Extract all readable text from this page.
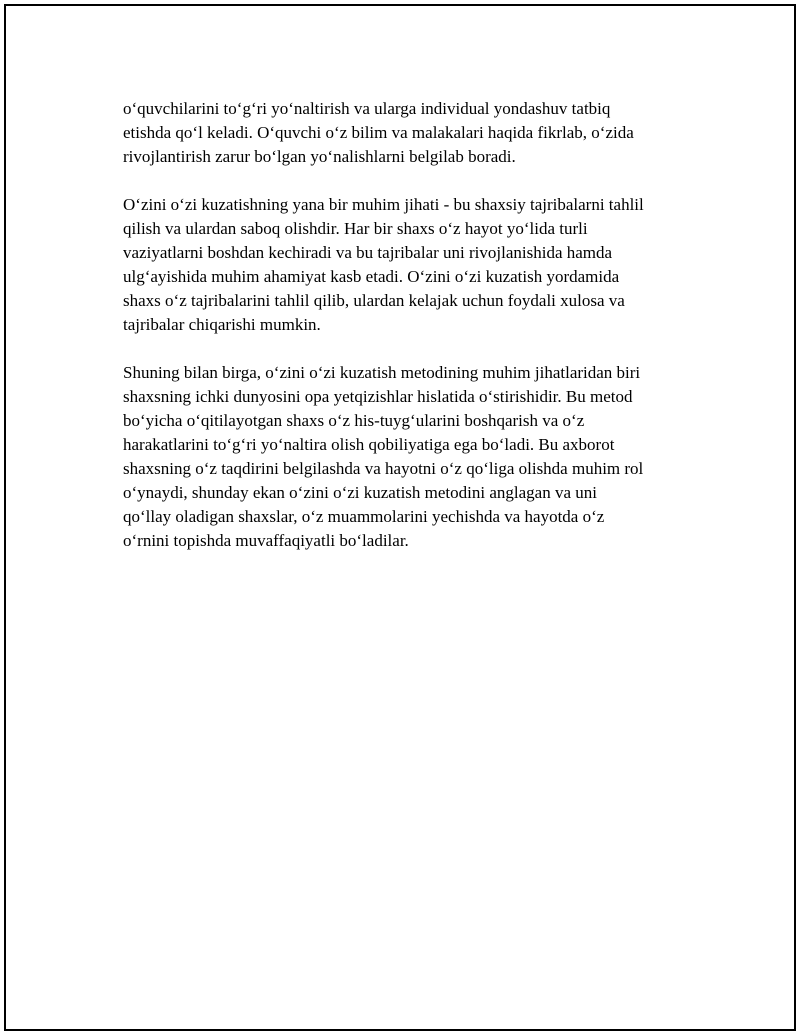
o‘quvchilarini to‘g‘ri yo‘naltirish va ularga individual yondashuv tatbiq
etishda qo‘l keladi. O‘quvchi o‘z bilim va malakalari haqida fikrlab, o‘zida
rivojlantirish zarur bo‘lgan yo‘nalishlarni belgilab boradi.

O‘zini o‘zi kuzatishning yana bir muhim jihati - bu shaxsiy tajribalarni tahlil
qilish va ulardan saboq olishdir. Har bir shaxs o‘z hayot yo‘lida turli
vaziyatlarni boshdan kechiradi va bu tajribalar uni rivojlanishida hamda
ulg‘ayishida muhim ahamiyat kasb etadi. O‘zini o‘zi kuzatish yordamida
shaxs o‘z tajribalarini tahlil qilib, ulardan kelajak uchun foydali xulosa va
tajribalar chiqarishi mumkin.

Shuning bilan birga, o‘zini o‘zi kuzatish metodining muhim jihatlaridan biri
shaxsning ichki dunyosini opa yetqizishlar hislatida o‘stirishidir. Bu metod
bo‘yicha o‘qitilayotgan shaxs o‘z his-tuyg‘ularini boshqarish va o‘z
harakatlarini to‘g‘ri yo‘naltira olish qobiliyatiga ega bo‘ladi. Bu axborot
shaxsning o‘z taqdirini belgilashda va hayotni o‘z qo‘liga olishda muhim rol
o‘ynaydi, shunday ekan o‘zini o‘zi kuzatish metodini anglagan va uni
qo‘llay oladigan shaxslar, o‘z muammolarini yechishda va hayotda o‘z
o‘rnini topishda muvaffaqiyatli bo‘ladilar.
